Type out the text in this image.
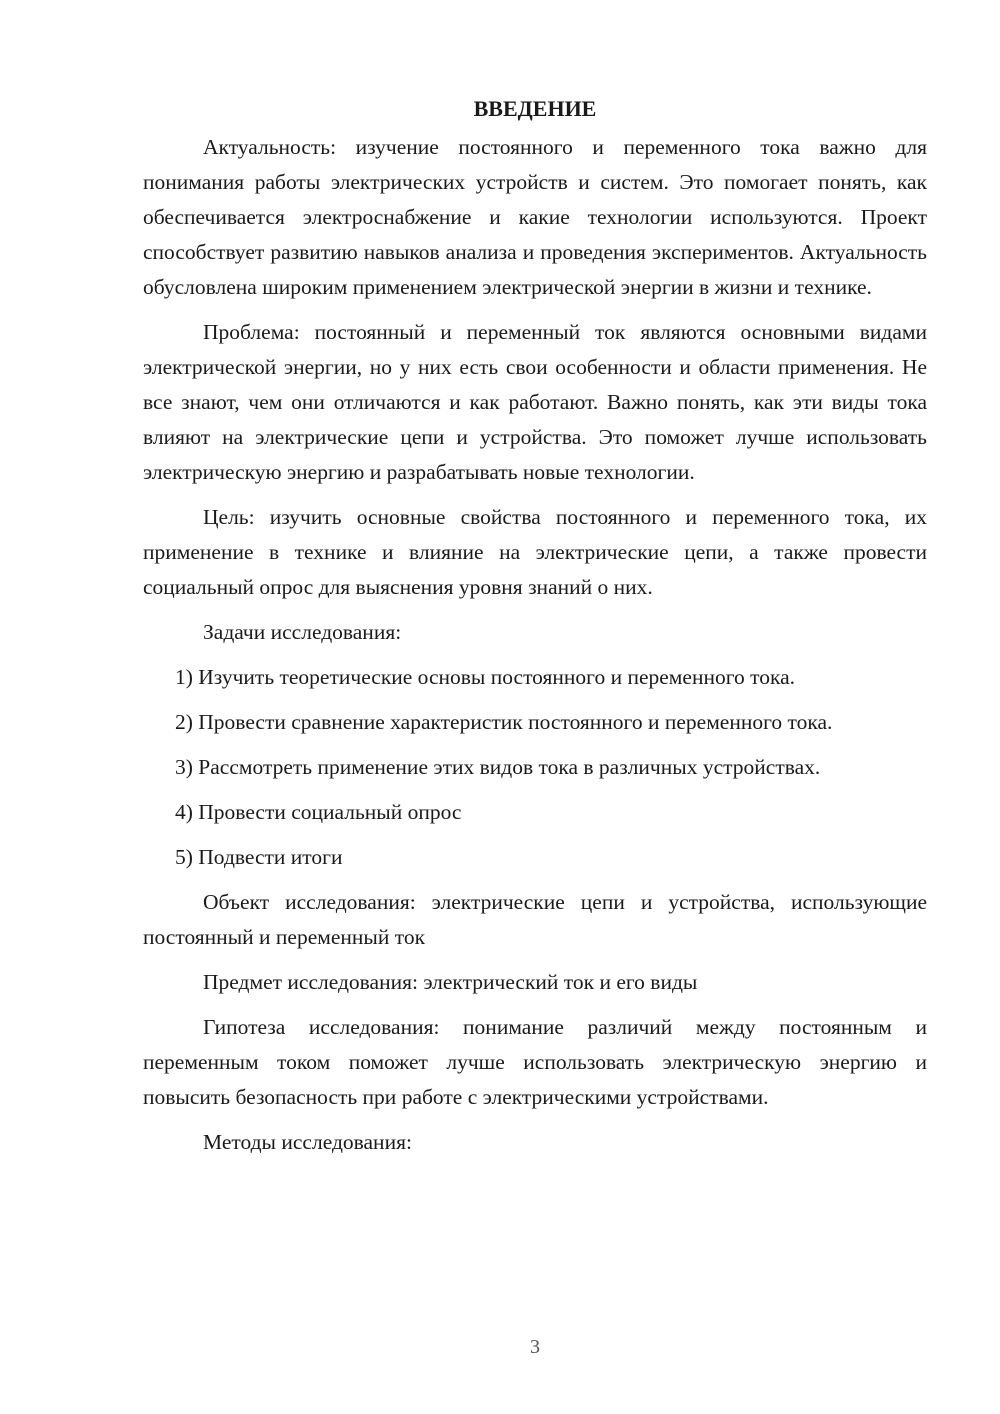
ВВЕДЕНИЕ

Актуальность: изучение постоянного и переменного тока важно для понимания работы электрических устройств и систем. Это помогает понять, как обеспечивается электроснабжение и какие технологии используются. Проект способствует развитию навыков анализа и проведения экспериментов. Актуальность обусловлена широким применением электрической энергии в жизни и технике.

Проблема: постоянный и переменный ток являются основными видами электрической энергии, но у них есть свои особенности и области применения. Не все знают, чем они отличаются и как работают. Важно понять, как эти виды тока влияют на электрические цепи и устройства. Это поможет лучше использовать электрическую энергию и разрабатывать новые технологии.

Цель: изучить основные свойства постоянного и переменного тока, их применение в технике и влияние на электрические цепи, а также провести социальный опрос для выяснения уровня знаний о них.

Задачи исследования:

1) Изучить теоретические основы постоянного и переменного тока.

2) Провести сравнение характеристик постоянного и переменного тока.

3) Рассмотреть применение этих видов тока в различных устройствах.

4) Провести социальный опрос

5) Подвести итоги

Объект исследования: электрические цепи и устройства, использующие постоянный и переменный ток

Предмет исследования: электрический ток и его виды

Гипотеза исследования: понимание различий между постоянным и переменным током поможет лучше использовать электрическую энергию и повысить безопасность при работе с электрическими устройствами.

Методы исследования:

3
